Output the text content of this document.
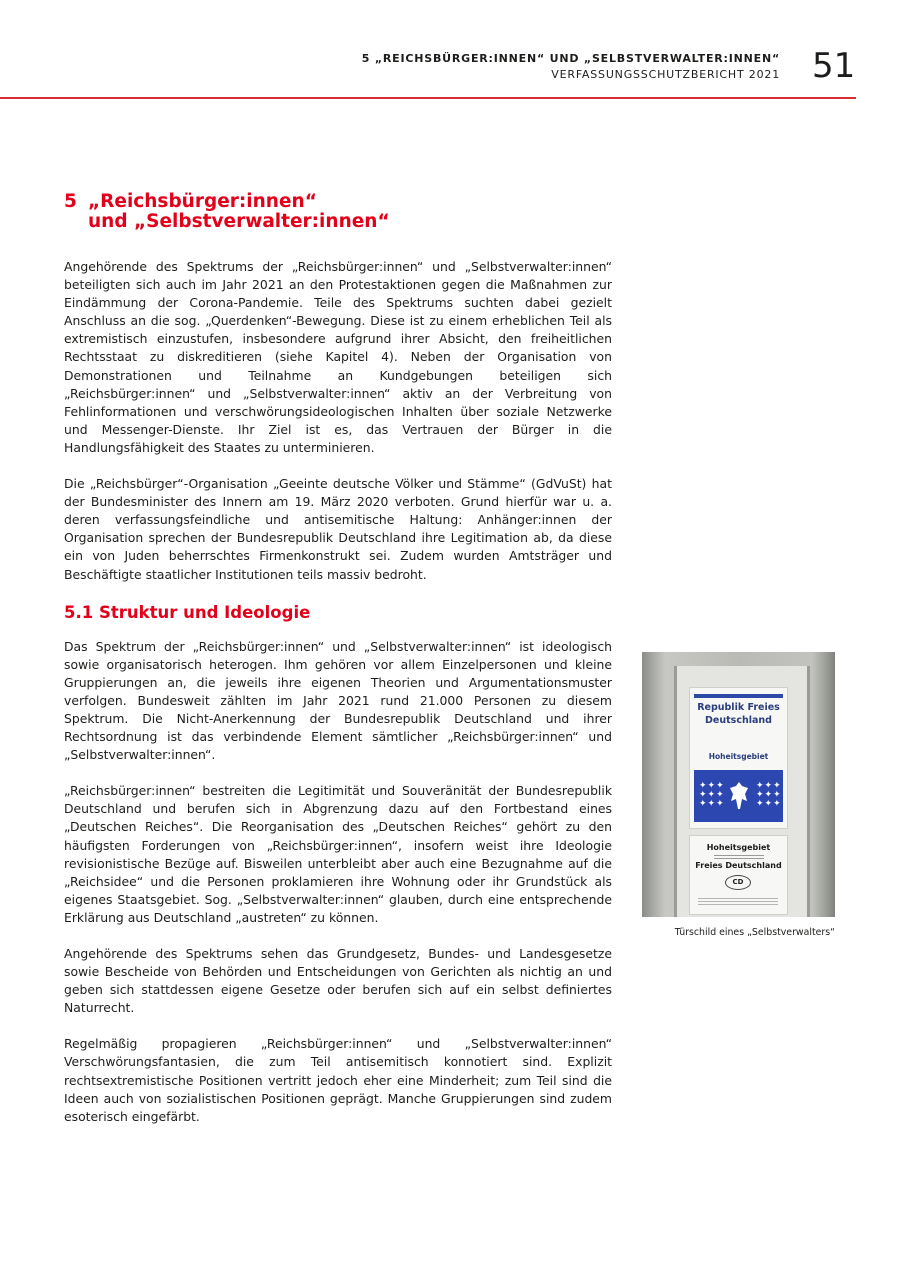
5 „REICHSBÜRGER:INNEN“ UND „SELBSTVERWALTER:INNEN“
VERFASSUNGSSCHUTZBERICHT 2021 51
5 „Reichsbürger:innen“
und „Selbstverwalter:innen“

Angehörende des Spektrums der „Reichsbürger:innen“ und „Selbstverwalter:innen“ beteiligten sich auch im Jahr 2021 an den Protestaktionen gegen die Maßnahmen zur Eindämmung der Corona-Pandemie. Teile des Spektrums suchten dabei gezielt Anschluss an die sog. „Querdenken“-Bewegung. Diese ist zu einem erheblichen Teil als extremistisch einzustufen, insbesondere aufgrund ihrer Absicht, den freiheitlichen Rechtsstaat zu diskreditieren (siehe Kapitel 4). Neben der Organisation von Demonstrationen und Teilnahme an Kundgebungen beteiligen sich „Reichsbürger:innen“ und „Selbstverwalter:innen“ aktiv an der Verbreitung von Fehlinformationen und verschwörungsideologischen Inhalten über soziale Netzwerke und Messenger-Dienste. Ihr Ziel ist es, das Vertrauen der Bürger in die Handlungsfähigkeit des Staates zu unterminieren.

Die „Reichsbürger“-Organisation „Geeinte deutsche Völker und Stämme“ (GdVuSt) hat der Bundesminister des Innern am 19. März 2020 verboten. Grund hierfür war u. a. deren verfassungsfeindliche und antisemitische Haltung: Anhänger:innen der Organisation sprechen der Bundesrepublik Deutschland ihre Legitimation ab, da diese ein von Juden beherrschtes Firmenkonstrukt sei. Zudem wurden Amtsträger und Beschäftigte staatlicher Institutionen teils massiv bedroht.

5.1 Struktur und Ideologie

Das Spektrum der „Reichsbürger:innen“ und „Selbstverwalter:innen“ ist ideologisch sowie organisatorisch heterogen. Ihm gehören vor allem Einzelpersonen und kleine Gruppierungen an, die jeweils ihre eigenen Theorien und Argumentationsmuster verfolgen. Bundesweit zählten im Jahr 2021 rund 21.000 Personen zu diesem Spektrum. Die Nicht-Anerkennung der Bundesrepublik Deutschland und ihrer Rechtsordnung ist das verbindende Element sämtlicher „Reichsbürger:innen“ und „Selbstverwalter:innen“.

„Reichsbürger:innen“ bestreiten die Legitimität und Souveränität der Bundesrepublik Deutschland und berufen sich in Abgrenzung dazu auf den Fortbestand eines „Deutschen Reiches“. Die Reorganisation des „Deutschen Reiches“ gehört zu den häufigsten Forderungen von „Reichsbürger:innen“, insofern weist ihre Ideologie revisionistische Bezüge auf. Bisweilen unterbleibt aber auch eine Bezugnahme auf die „Reichsidee“ und die Personen proklamieren ihre Wohnung oder ihr Grundstück als eigenes Staatsgebiet. Sog. „Selbstverwalter:innen“ glauben, durch eine entsprechende Erklärung aus Deutschland „austreten“ zu können.

Angehörende des Spektrums sehen das Grundgesetz, Bundes- und Landesgesetze sowie Bescheide von Behörden und Entscheidungen von Gerichten als nichtig an und geben sich stattdessen eigene Gesetze oder berufen sich auf ein selbst definiertes Naturrecht.

Regelmäßig propagieren „Reichsbürger:innen“ und „Selbstverwalter:innen“ Verschwörungsfantasien, die zum Teil antisemitisch konnotiert sind. Explizit rechtsextremistische Positionen vertritt jedoch eher eine Minderheit; zum Teil sind die Ideen auch von sozialistischen Positionen geprägt. Manche Gruppierungen sind zudem esoterisch eingefärbt.

Republik Freies Deutschland
Hoheitsgebiet
✦✦✦
✦✦✦
✦✦✦
✦✦✦
✦✦✦
✦✦✦
Hoheitsgebiet
Freies Deutschland
CD
Türschild eines „Selbstverwalters“
